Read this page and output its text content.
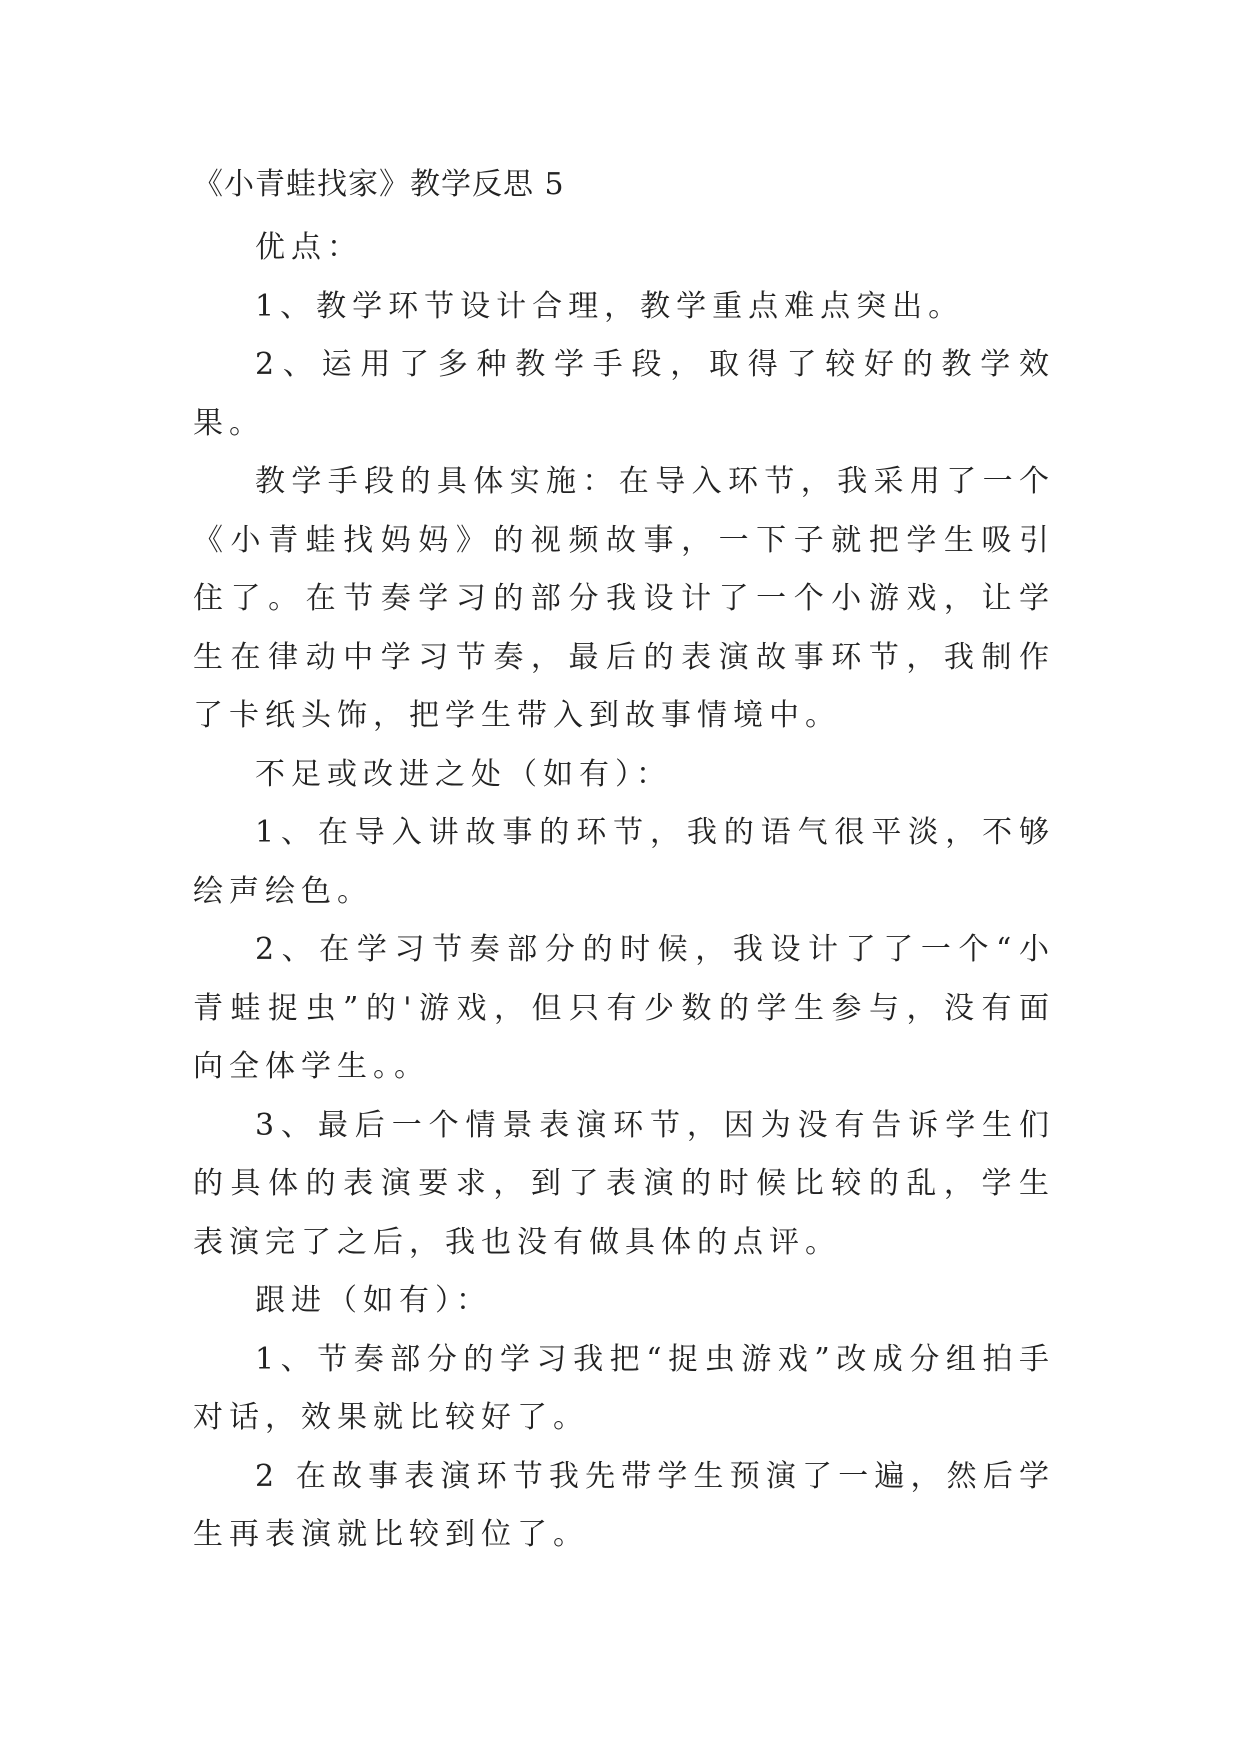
《小青蛙找家》教学反思 5

优点：

1、教学环节设计合理，教学重点难点突出。

2、运用了多种教学手段，取得了较好的教学效果。

教学手段的具体实施：在导入环节，我采用了一个《小青蛙找妈妈》的视频故事，一下子就把学生吸引住了。在节奏学习的部分我设计了一个小游戏，让学生在律动中学习节奏，最后的表演故事环节，我制作了卡纸头饰，把学生带入到故事情境中。

不足或改进之处（如有）：

1、在导入讲故事的环节，我的语气很平淡，不够绘声绘色。

2、在学习节奏部分的时候，我设计了了一个“小青蛙捉虫”的'游戏，但只有少数的学生参与，没有面向全体学生。。

3、最后一个情景表演环节，因为没有告诉学生们的具体的表演要求，到了表演的时候比较的乱，学生表演完了之后，我也没有做具体的点评。

跟进（如有）：

1、节奏部分的学习我把“捉虫游戏”改成分组拍手对话，效果就比较好了。

2 在故事表演环节我先带学生预演了一遍，然后学生再表演就比较到位了。
